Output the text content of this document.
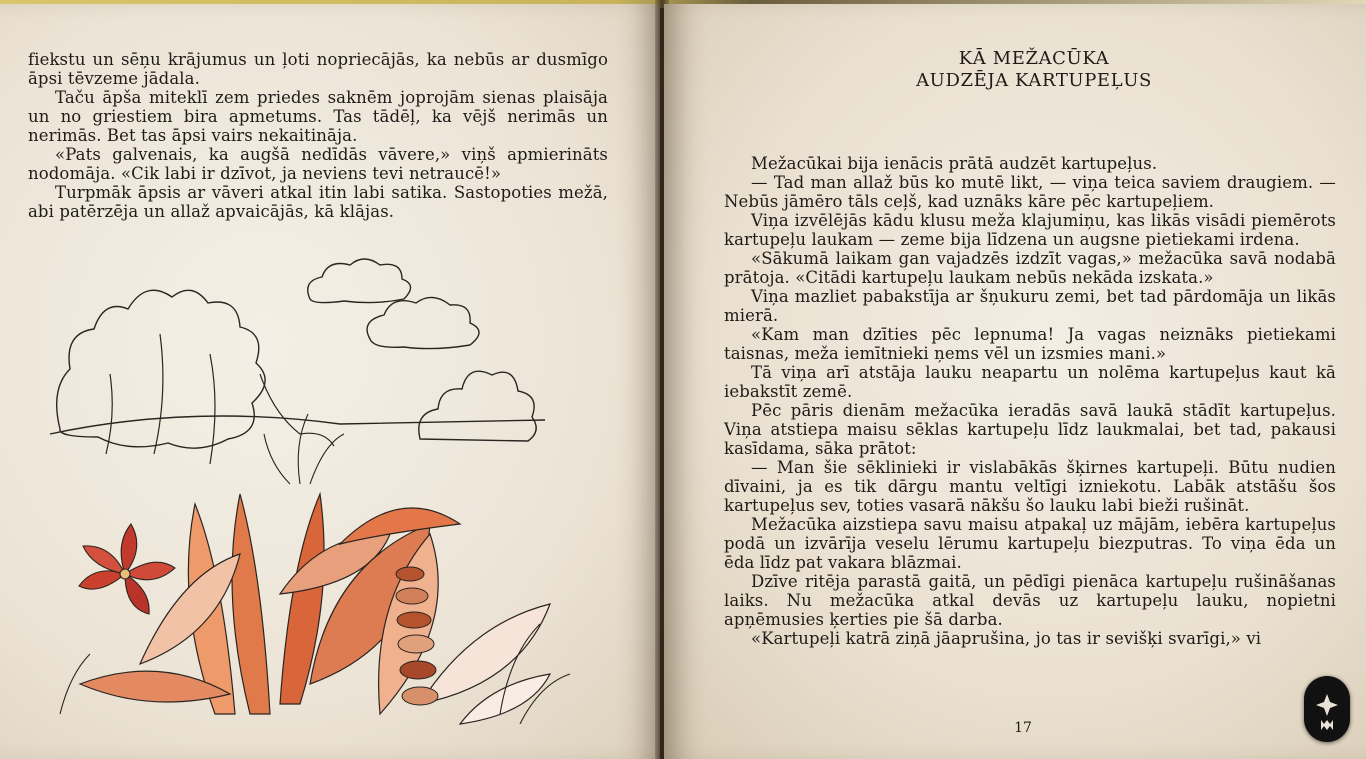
fiekstu un sēņu krājumus un ļoti nopriecājās, ka nebūs ar dusmīgo āpsi tēvzeme jādala.

Taču āpša miteklī zem priedes saknēm joprojām sienas plaisāja un no griestiem bira apmetums. Tas tādēļ, ka vējš nerimās un nerimās. Bet tas āpsi vairs nekaitināja.

«Pats galvenais, ka augšā nedīdās vāvere,» viņš apmierināts nodomāja. «Cik labi ir dzīvot, ja neviens tevi netraucē!»

Turpmāk āpsis ar vāveri atkal itin labi satika. Sastopoties mežā, abi patērzēja un allaž apvaicājās, kā klājas.

KĀ MEŽACŪKA
AUDZĒJA KARTUPEĻUS

Mežacūkai bija ienācis prātā audzēt kartupeļus.

— Tad man allaž būs ko mutē likt, — viņa teica saviem draugiem. — Nebūs jāmēro tāls ceļš, kad uznāks kāre pēc kartupeļiem.

Viņa izvēlējās kādu klusu meža klajumiņu, kas likās visādi piemērots kartupeļu laukam — zeme bija līdzena un augsne pietiekami irdena.

«Sākumā laikam gan vajadzēs izdzīt vagas,» mežacūka savā nodabā prātoja. «Citādi kartupeļu laukam nebūs nekāda izskata.»

Viņa mazliet pabakstīja ar šņukuru zemi, bet tad pārdomāja un likās mierā.

«Kam man dzīties pēc lepnuma! Ja vagas neiznāks pietiekami taisnas, meža iemītnieki ņems vēl un izsmies mani.»

Tā viņa arī atstāja lauku neapartu un nolēma kartupeļus kaut kā iebakstīt zemē.

Pēc pāris dienām mežacūka ieradās savā laukā stādīt kartupeļus. Viņa atstiepa maisu sēklas kartupeļu līdz laukmalai, bet tad, pakausi kasīdama, sāka prātot:

— Man šie sēklinieki ir vislabākās šķirnes kartupeļi. Būtu nudien dīvaini, ja es tik dārgu mantu veltīgi izniekotu. Labāk atstāšu šos kartupeļus sev, toties vasarā nākšu šo lauku labi bieži rušināt.

Mežacūka aizstiepa savu maisu atpakaļ uz mājām, iebēra kartupeļus podā un izvārīja veselu lērumu kartupeļu biezputras. To viņa ēda un ēda līdz pat vakara blāzmai.

Dzīve ritēja parastā gaitā, un pēdīgi pienāca kartupeļu rušināšanas laiks. Nu mežacūka atkal devās uz kartupeļu lauku, nopietni apņēmusies ķerties pie šā darba.

«Kartupeļi katrā ziņā jāaprušina, jo tas ir sevišķi svarīgi,» vi

17
